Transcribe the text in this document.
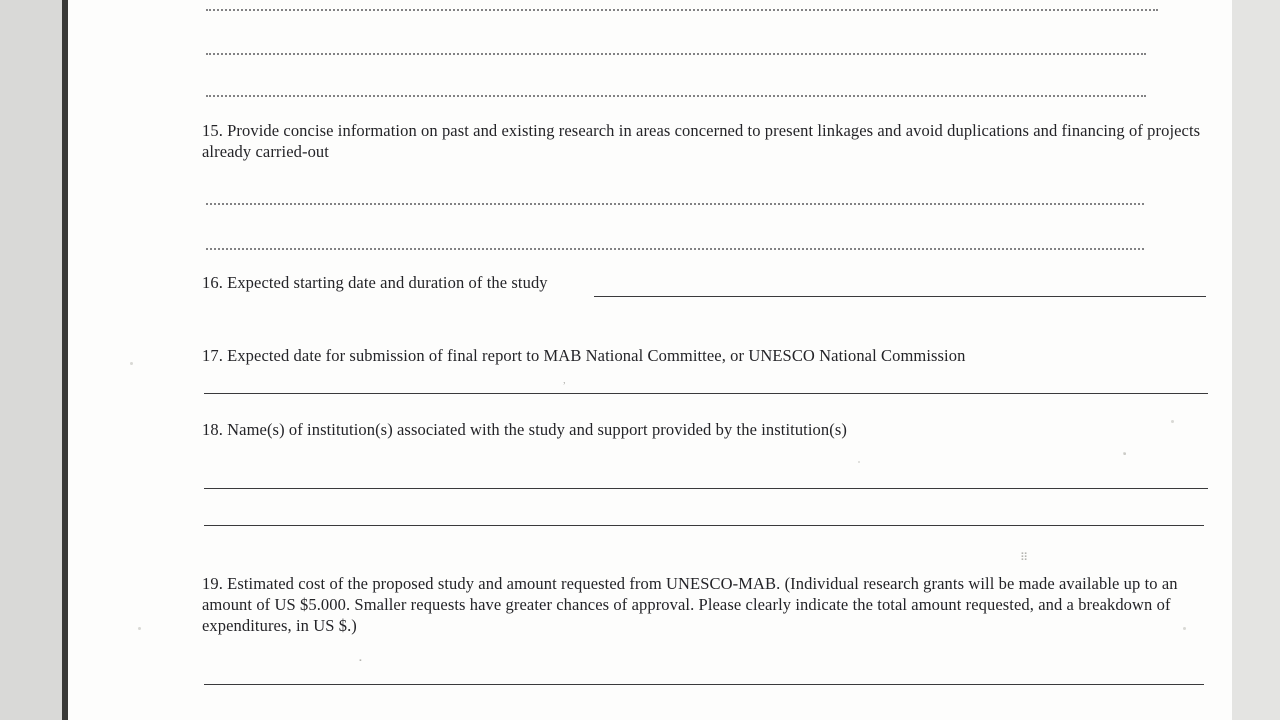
15. Provide concise information on past and existing research in areas concerned to present linkages and avoid duplications and financing of projects already carried-out
16. Expected starting date and duration of the study
17. Expected date for submission of final report to MAB National Committee, or UNESCO National Commission
18. Name(s) of institution(s) associated with the study and support provided by the institution(s)
19. Estimated cost of the proposed study and amount requested from UNESCO-MAB. (Individual research grants will be made available up to an amount of US $5.000. Smaller requests have greater chances of approval. Please clearly indicate the total amount requested, and a breakdown of expenditures, in US $.)
⠿
⠄
,
